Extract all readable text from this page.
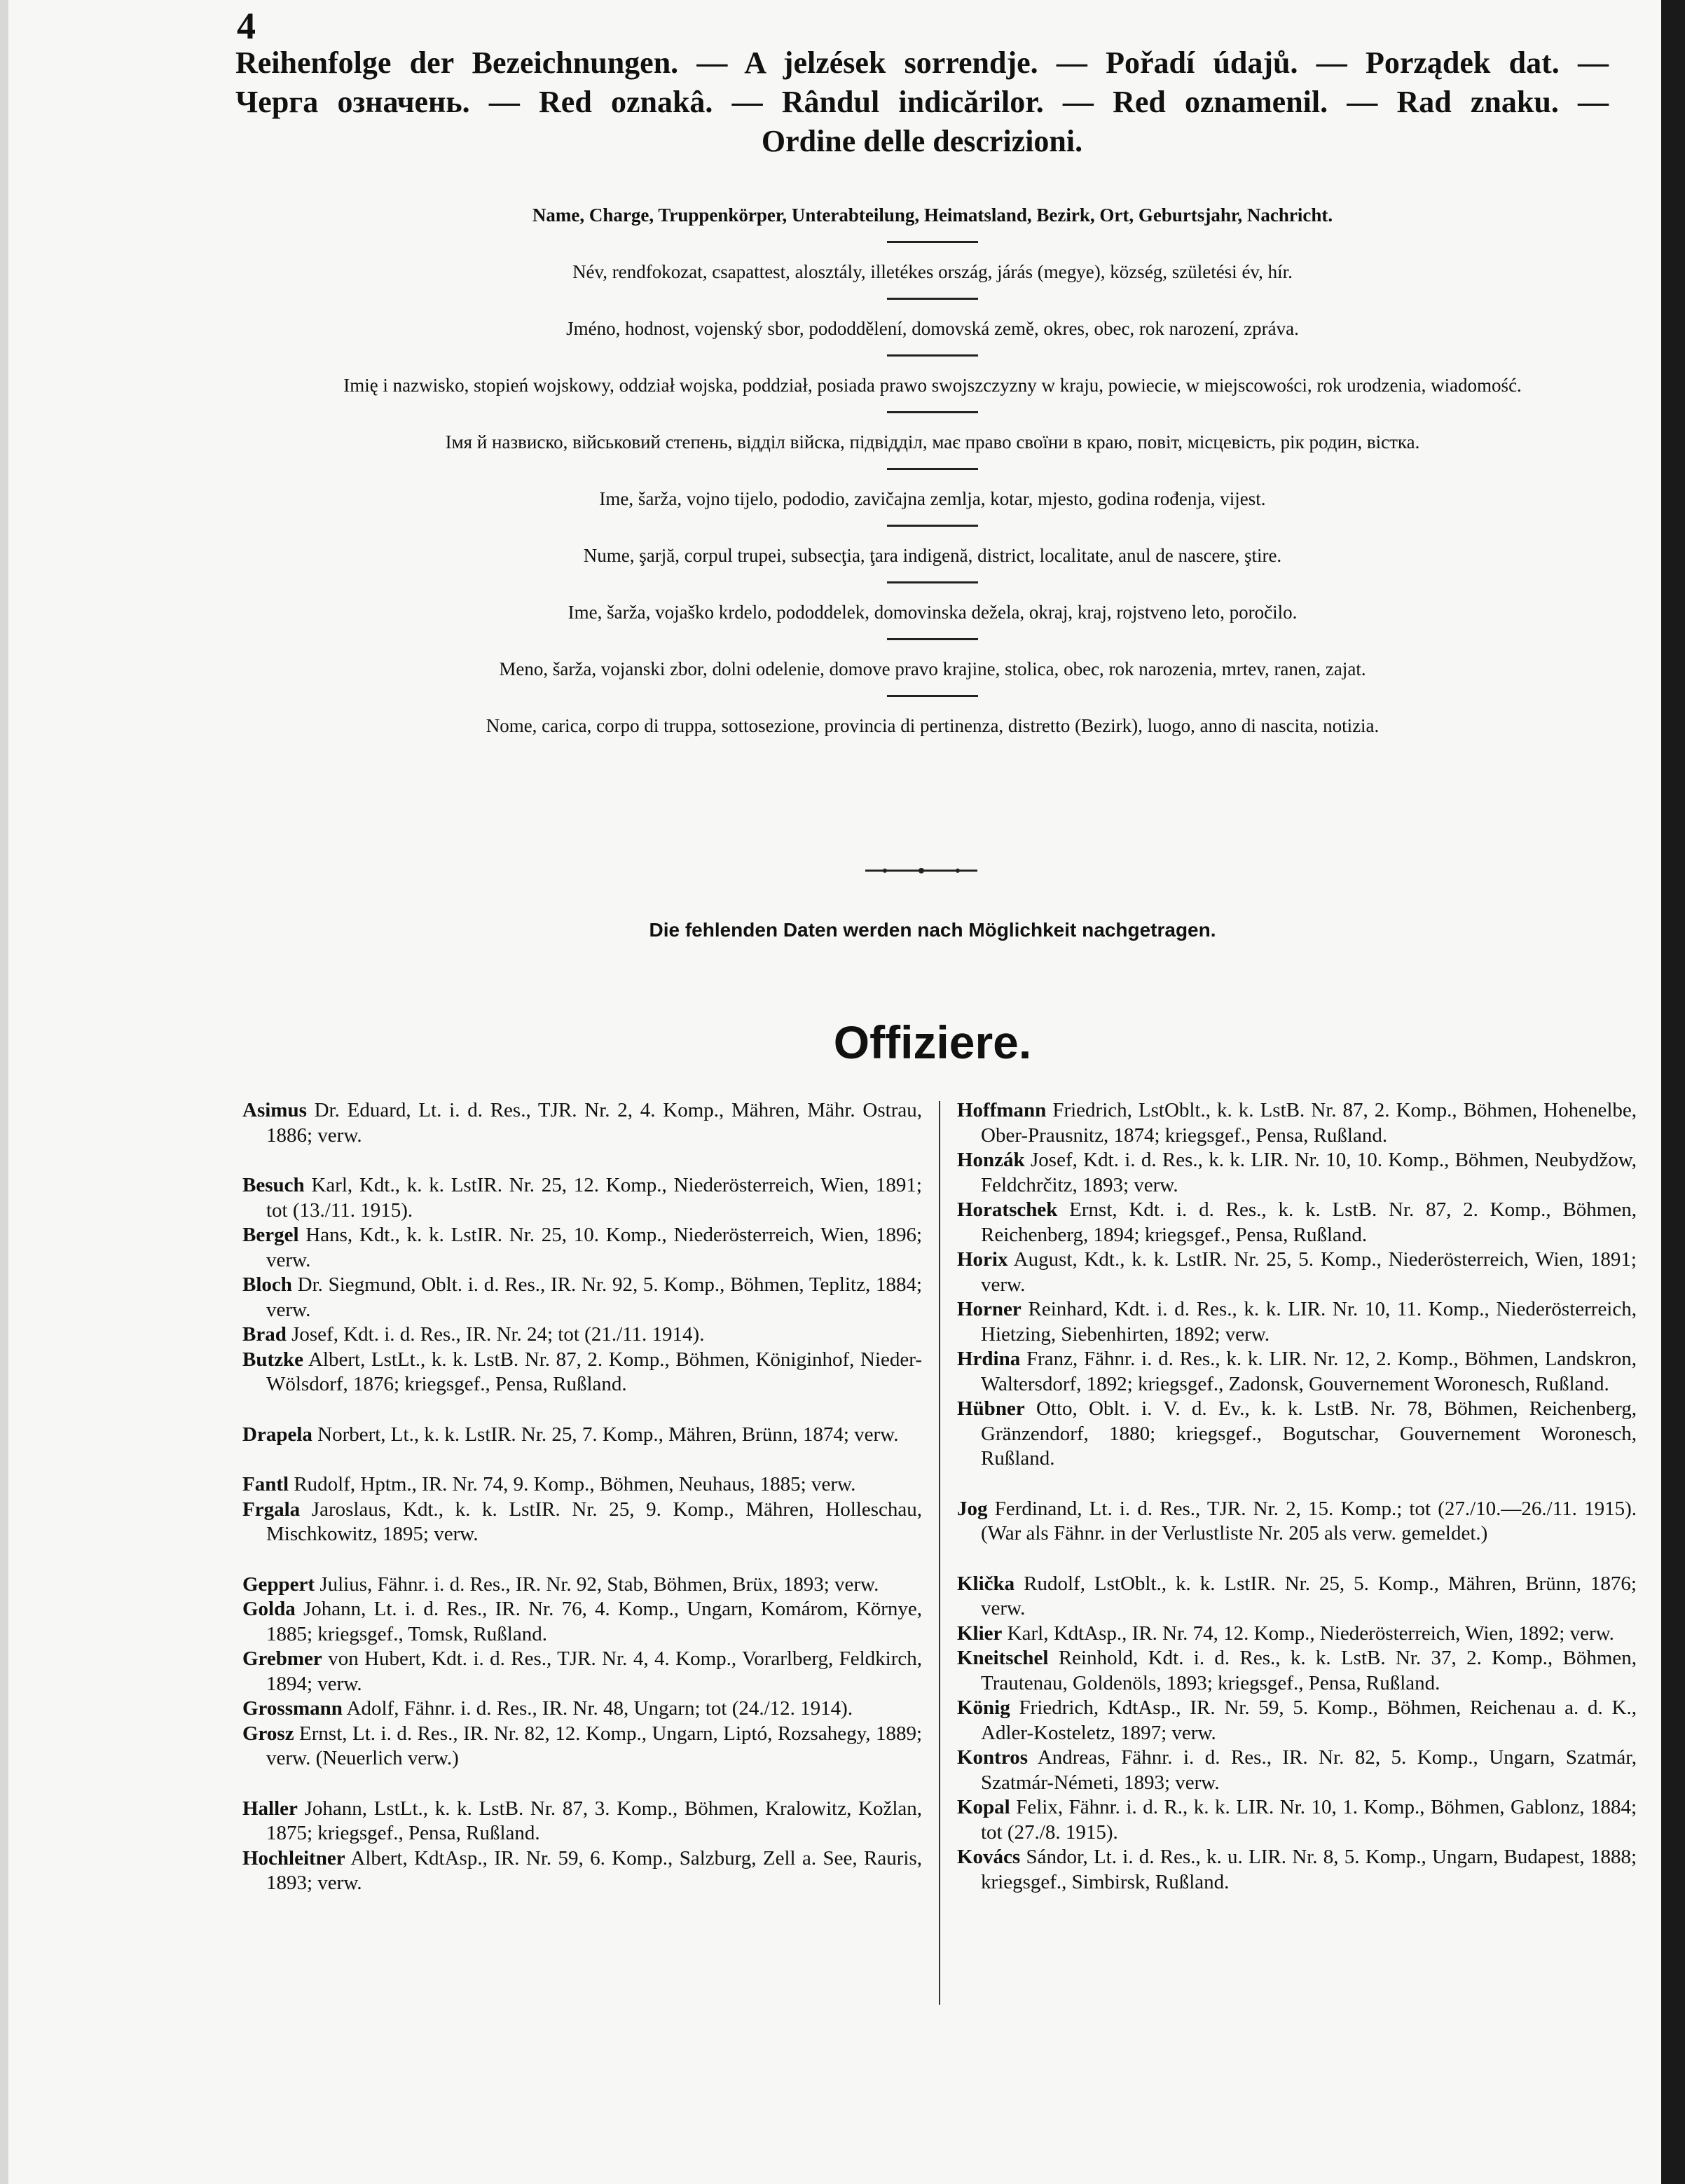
4
Reihenfolge der Bezeichnungen. — A jelzések sorrendje. — Pořadí údajů. — Porządek dat. —
Черга означень. — Red oznakâ. — Rândul indicărilor. — Red oznamenil. — Rad znaku. —
Ordine delle descrizioni.

Name, Charge, Truppenkörper, Unterabteilung, Heimatsland, Bezirk, Ort, Geburtsjahr, Nachricht.

Név, rendfokozat, csapattest, alosztály, illetékes ország, járás (megye), község, születési év, hír.

Jméno, hodnost, vojenský sbor, pododdělení, domovská země, okres, obec, rok narození, zpráva.

Imię i nazwisko, stopień wojskowy, oddział wojska, poddział, posiada prawo swojszczyzny w kraju, powiecie, w miejscowości, rok urodzenia, wiadomość.

Імя й назвиско, військовий степень, відділ війска, підвідділ, має право своїни в краю, повіт, місцевість, рік родин, вістка.

Ime, šarža, vojno tijelo, pododio, zavičajna zemlja, kotar, mjesto, godina rođenja, vijest.

Nume, şarjă, corpul trupei, subsecţia, ţara indigenă, district, localitate, anul de nascere, ştire.

Ime, šarža, vojaško krdelo, pododdelek, domovinska dežela, okraj, kraj, rojstveno leto, poročilo.

Meno, šarža, vojanski zbor, dolni odelenie, domove pravo krajine, stolica, obec, rok narozenia, mrtev, ranen, zajat.

Nome, carica, corpo di truppa, sottosezione, provincia di pertinenza, distretto (Bezirk), luogo, anno di nascita, notizia.

Die fehlenden Daten werden nach Möglichkeit nachgetragen.
Offiziere.

Asimus Dr. Eduard, Lt. i. d. Res., TJR. Nr. 2, 4. Komp., Mähren, Mähr. Ostrau, 1886; verw.

Besuch Karl, Kdt., k. k. LstIR. Nr. 25, 12. Komp., Niederösterreich, Wien, 1891; tot (13./11. 1915).

Bergel Hans, Kdt., k. k. LstIR. Nr. 25, 10. Komp., Niederösterreich, Wien, 1896; verw.

Bloch Dr. Siegmund, Oblt. i. d. Res., IR. Nr. 92, 5. Komp., Böhmen, Teplitz, 1884; verw.

Brad Josef, Kdt. i. d. Res., IR. Nr. 24; tot (21./11. 1914).

Butzke Albert, LstLt., k. k. LstB. Nr. 87, 2. Komp., Böhmen, Königinhof, Nieder-Wölsdorf, 1876; kriegsgef., Pensa, Rußland.

Drapela Norbert, Lt., k. k. LstIR. Nr. 25, 7. Komp., Mähren, Brünn, 1874; verw.

Fantl Rudolf, Hptm., IR. Nr. 74, 9. Komp., Böhmen, Neuhaus, 1885; verw.

Frgala Jaroslaus, Kdt., k. k. LstIR. Nr. 25, 9. Komp., Mähren, Holleschau, Mischkowitz, 1895; verw.

Geppert Julius, Fähnr. i. d. Res., IR. Nr. 92, Stab, Böhmen, Brüx, 1893; verw.

Golda Johann, Lt. i. d. Res., IR. Nr. 76, 4. Komp., Ungarn, Komárom, Környe, 1885; kriegsgef., Tomsk, Rußland.

Grebmer von Hubert, Kdt. i. d. Res., TJR. Nr. 4, 4. Komp., Vorarlberg, Feldkirch, 1894; verw.

Grossmann Adolf, Fähnr. i. d. Res., IR. Nr. 48, Ungarn; tot (24./12. 1914).

Grosz Ernst, Lt. i. d. Res., IR. Nr. 82, 12. Komp., Ungarn, Liptó, Rozsahegy, 1889; verw. (Neuerlich verw.)

Haller Johann, LstLt., k. k. LstB. Nr. 87, 3. Komp., Böhmen, Kralowitz, Kožlan, 1875; kriegsgef., Pensa, Rußland.

Hochleitner Albert, KdtAsp., IR. Nr. 59, 6. Komp., Salzburg, Zell a. See, Rauris, 1893; verw.

Hoffmann Friedrich, LstOblt., k. k. LstB. Nr. 87, 2. Komp., Böhmen, Hohenelbe, Ober-Prausnitz, 1874; kriegsgef., Pensa, Rußland.

Honzák Josef, Kdt. i. d. Res., k. k. LIR. Nr. 10, 10. Komp., Böhmen, Neubydžow, Feldchrčitz, 1893; verw.

Horatschek Ernst, Kdt. i. d. Res., k. k. LstB. Nr. 87, 2. Komp., Böhmen, Reichenberg, 1894; kriegsgef., Pensa, Rußland.

Horix August, Kdt., k. k. LstIR. Nr. 25, 5. Komp., Niederösterreich, Wien, 1891; verw.

Horner Reinhard, Kdt. i. d. Res., k. k. LIR. Nr. 10, 11. Komp., Niederösterreich, Hietzing, Siebenhirten, 1892; verw.

Hrdina Franz, Fähnr. i. d. Res., k. k. LIR. Nr. 12, 2. Komp., Böhmen, Landskron, Waltersdorf, 1892; kriegsgef., Zadonsk, Gouvernement Woronesch, Rußland.

Hübner Otto, Oblt. i. V. d. Ev., k. k. LstB. Nr. 78, Böhmen, Reichenberg, Gränzendorf, 1880; kriegsgef., Bogutschar, Gouvernement Woronesch, Rußland.

Jog Ferdinand, Lt. i. d. Res., TJR. Nr. 2, 15. Komp.; tot (27./10.—26./11. 1915). (War als Fähnr. in der Verlustliste Nr. 205 als verw. gemeldet.)

Klička Rudolf, LstOblt., k. k. LstIR. Nr. 25, 5. Komp., Mähren, Brünn, 1876; verw.

Klier Karl, KdtAsp., IR. Nr. 74, 12. Komp., Niederösterreich, Wien, 1892; verw.

Kneitschel Reinhold, Kdt. i. d. Res., k. k. LstB. Nr. 37, 2. Komp., Böhmen, Trautenau, Goldenöls, 1893; kriegsgef., Pensa, Rußland.

König Friedrich, KdtAsp., IR. Nr. 59, 5. Komp., Böhmen, Reichenau a. d. K., Adler-Kosteletz, 1897; verw.

Kontros Andreas, Fähnr. i. d. Res., IR. Nr. 82, 5. Komp., Ungarn, Szatmár, Szatmár-Németi, 1893; verw.

Kopal Felix, Fähnr. i. d. R., k. k. LIR. Nr. 10, 1. Komp., Böhmen, Gablonz, 1884; tot (27./8. 1915).

Kovács Sándor, Lt. i. d. Res., k. u. LIR. Nr. 8, 5. Komp., Ungarn, Budapest, 1888; kriegsgef., Simbirsk, Rußland.
